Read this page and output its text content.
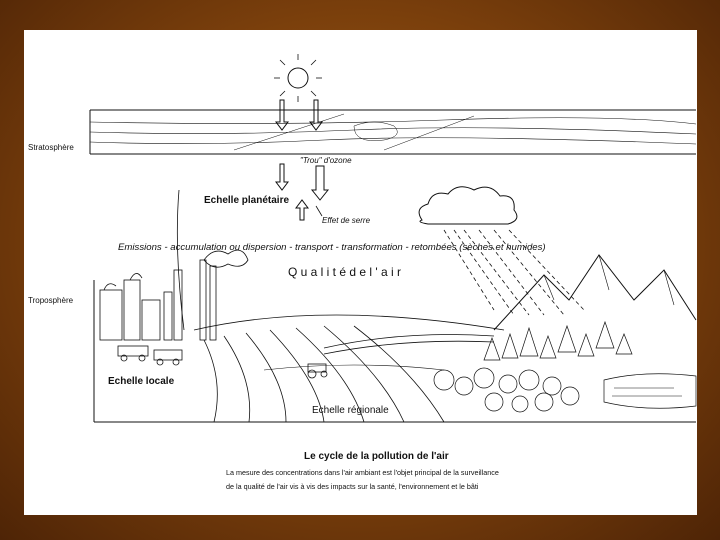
Stratosphère
"Trou" d'ozone
Echelle planétaire
Effet de serre
Emissions - accumulation ou dispersion - transport - transformation - retombées (sèches et humides)
Q u a l i t é d e l ' a i r
Troposphère
Echelle locale
Echelle régionale
Le cycle de la pollution de l'air
La mesure des concentrations dans l'air ambiant est l'objet principal de la surveillance
de la qualité de l'air vis à vis des impacts sur la santé, l'environnement et le bâti
